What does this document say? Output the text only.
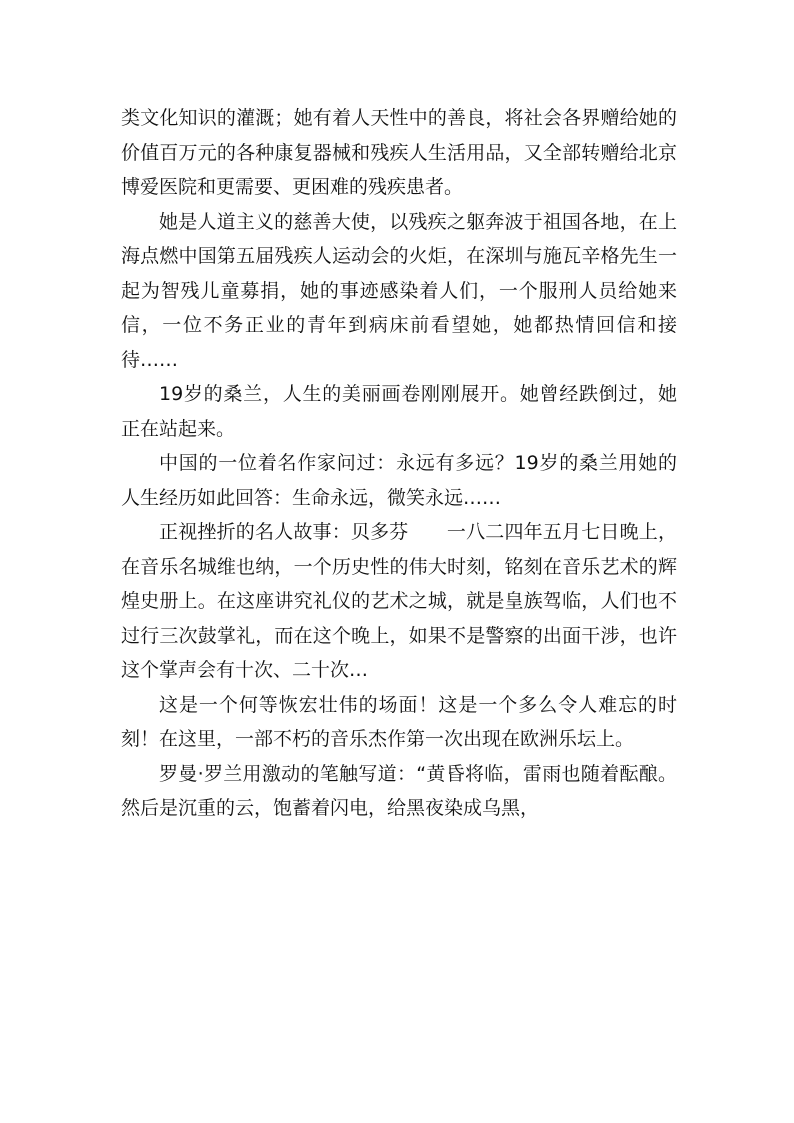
类文化知识的灌溉；她有着人天性中的善良，将社会各界赠给她的价值百万元的各种康复器械和残疾人生活用品，又全部转赠给北京博爱医院和更需要、更困难的残疾患者。

她是人道主义的慈善大使，以残疾之躯奔波于祖国各地，在上海点燃中国第五届残疾人运动会的火炬，在深圳与施瓦辛格先生一起为智残儿童募捐，她的事迹感染着人们，一个服刑人员给她来信，一位不务正业的青年到病床前看望她，她都热情回信和接待……

19岁的桑兰，人生的美丽画卷刚刚展开。她曾经跌倒过，她正在站起来。

中国的一位着名作家问过：永远有多远？19岁的桑兰用她的人生经历如此回答：生命永远，微笑永远……

正视挫折的名人故事：贝多芬　　一八二四年五月七日晚上，在音乐名城维也纳，一个历史性的伟大时刻，铭刻在音乐艺术的辉煌史册上。在这座讲究礼仪的艺术之城，就是皇族驾临，人们也不过行三次鼓掌礼，而在这个晚上，如果不是警察的出面干涉，也许这个掌声会有十次、二十次…

这是一个何等恢宏壮伟的场面！这是一个多么令人难忘的时刻！在这里，一部不朽的音乐杰作第一次出现在欧洲乐坛上。

罗曼·罗兰用激动的笔触写道：“黄昏将临，雷雨也随着酝酿。然后是沉重的云，饱蓄着闪电，给黑夜染成乌黑，
